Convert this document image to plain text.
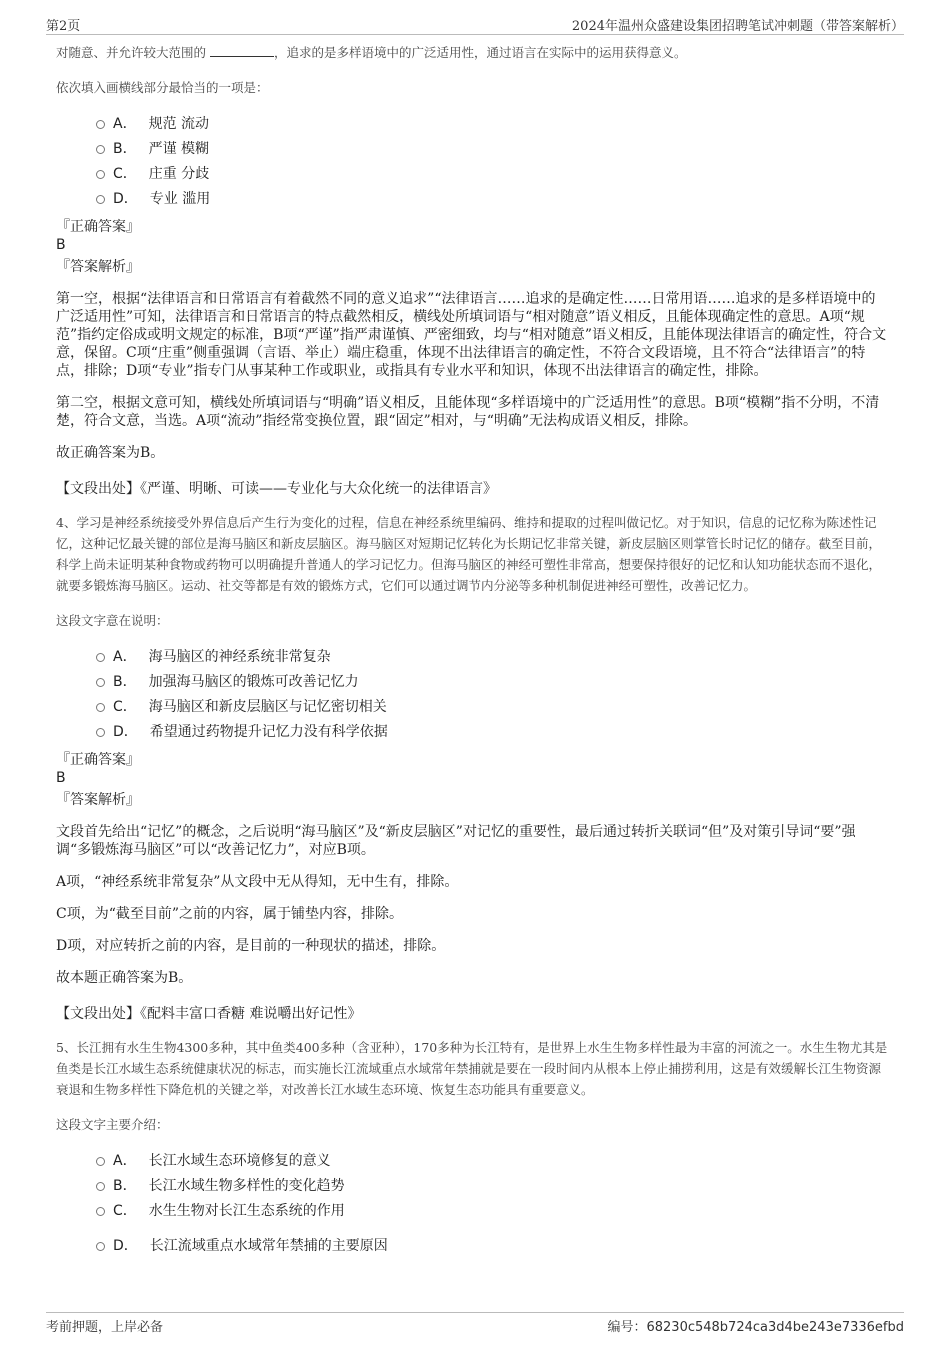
第2页	2024年温州众盛建设集团招聘笔试冲刺题（带答案解析）

对随意、并允许较大范围的	，追求的是多样语境中的广泛适用性，通过语言在实际中的运用获得意义。

依次填入画横线部分最恰当的一项是：

A． 规范 流动
B． 严谨 模糊
C． 庄重 分歧
D． 专业 滥用
『正确答案』
B
『答案解析』

第一空，根据“法律语言和日常语言有着截然不同的意义追求”“法律语言……追求的是确定性……日常用语……追求的是多样语境中的广泛适用性”可知，法律语言和日常语言的特点截然相反，横线处所填词语与“相对随意”语义相反，且能体现确定性的意思。A项“规范”指约定俗成或明文规定的标准，B项“严谨”指严肃谨慎、严密细致，均与“相对随意”语义相反，且能体现法律语言的确定性，符合文意，保留。C项“庄重”侧重强调（言语、举止）端庄稳重，体现不出法律语言的确定性，不符合文段语境，且不符合“法律语言”的特点，排除；D项“专业”指专门从事某种工作或职业，或指具有专业水平和知识，体现不出法律语言的确定性，排除。

第二空，根据文意可知，横线处所填词语与“明确”语义相反，且能体现“多样语境中的广泛适用性”的意思。B项“模糊”指不分明，不清楚，符合文意，当选。A项“流动”指经常变换位置，跟“固定”相对，与“明确”无法构成语义相反，排除。

故正确答案为B。

【文段出处】《严谨、明晰、可读——专业化与大众化统一的法律语言》

4、学习是神经系统接受外界信息后产生行为变化的过程，信息在神经系统里编码、维持和提取的过程叫做记忆。对于知识，信息的记忆称为陈述性记忆，这种记忆最关键的部位是海马脑区和新皮层脑区。海马脑区对短期记忆转化为长期记忆非常关键，新皮层脑区则掌管长时记忆的储存。截至目前，科学上尚未证明某种食物或药物可以明确提升普通人的学习记忆力。但海马脑区的神经可塑性非常高，想要保持很好的记忆和认知功能状态而不退化，就要多锻炼海马脑区。运动、社交等都是有效的锻炼方式，它们可以通过调节内分泌等多种机制促进神经可塑性，改善记忆力。

这段文字意在说明：

A． 海马脑区的神经系统非常复杂
B． 加强海马脑区的锻炼可改善记忆力
C． 海马脑区和新皮层脑区与记忆密切相关
D． 希望通过药物提升记忆力没有科学依据
『正确答案』
B
『答案解析』

文段首先给出“记忆”的概念，之后说明“海马脑区”及“新皮层脑区”对记忆的重要性，最后通过转折关联词“但”及对策引导词“要”强调“多锻炼海马脑区”可以“改善记忆力”，对应B项。

A项，“神经系统非常复杂”从文段中无从得知，无中生有，排除。

C项，为“截至目前”之前的内容，属于铺垫内容，排除。

D项，对应转折之前的内容，是目前的一种现状的描述，排除。

故本题正确答案为B。

【文段出处】《配料丰富口香糖 难说嚼出好记性》

5、长江拥有水生生物4300多种，其中鱼类400多种（含亚种），170多种为长江特有，是世界上水生生物多样性最为丰富的河流之一。水生生物尤其是鱼类是长江水域生态系统健康状况的标志，而实施长江流域重点水域常年禁捕就是要在一段时间内从根本上停止捕捞利用，这是有效缓解长江生物资源衰退和生物多样性下降危机的关键之举，对改善长江水域生态环境、恢复生态功能具有重要意义。

这段文字主要介绍：

A． 长江水域生态环境修复的意义
B． 长江水域生物多样性的变化趋势
C． 水生生物对长江生态系统的作用
D． 长江流域重点水域常年禁捕的主要原因
考前押题，上岸必备	编号：68230c548b724ca3d4be243e7336efbd
